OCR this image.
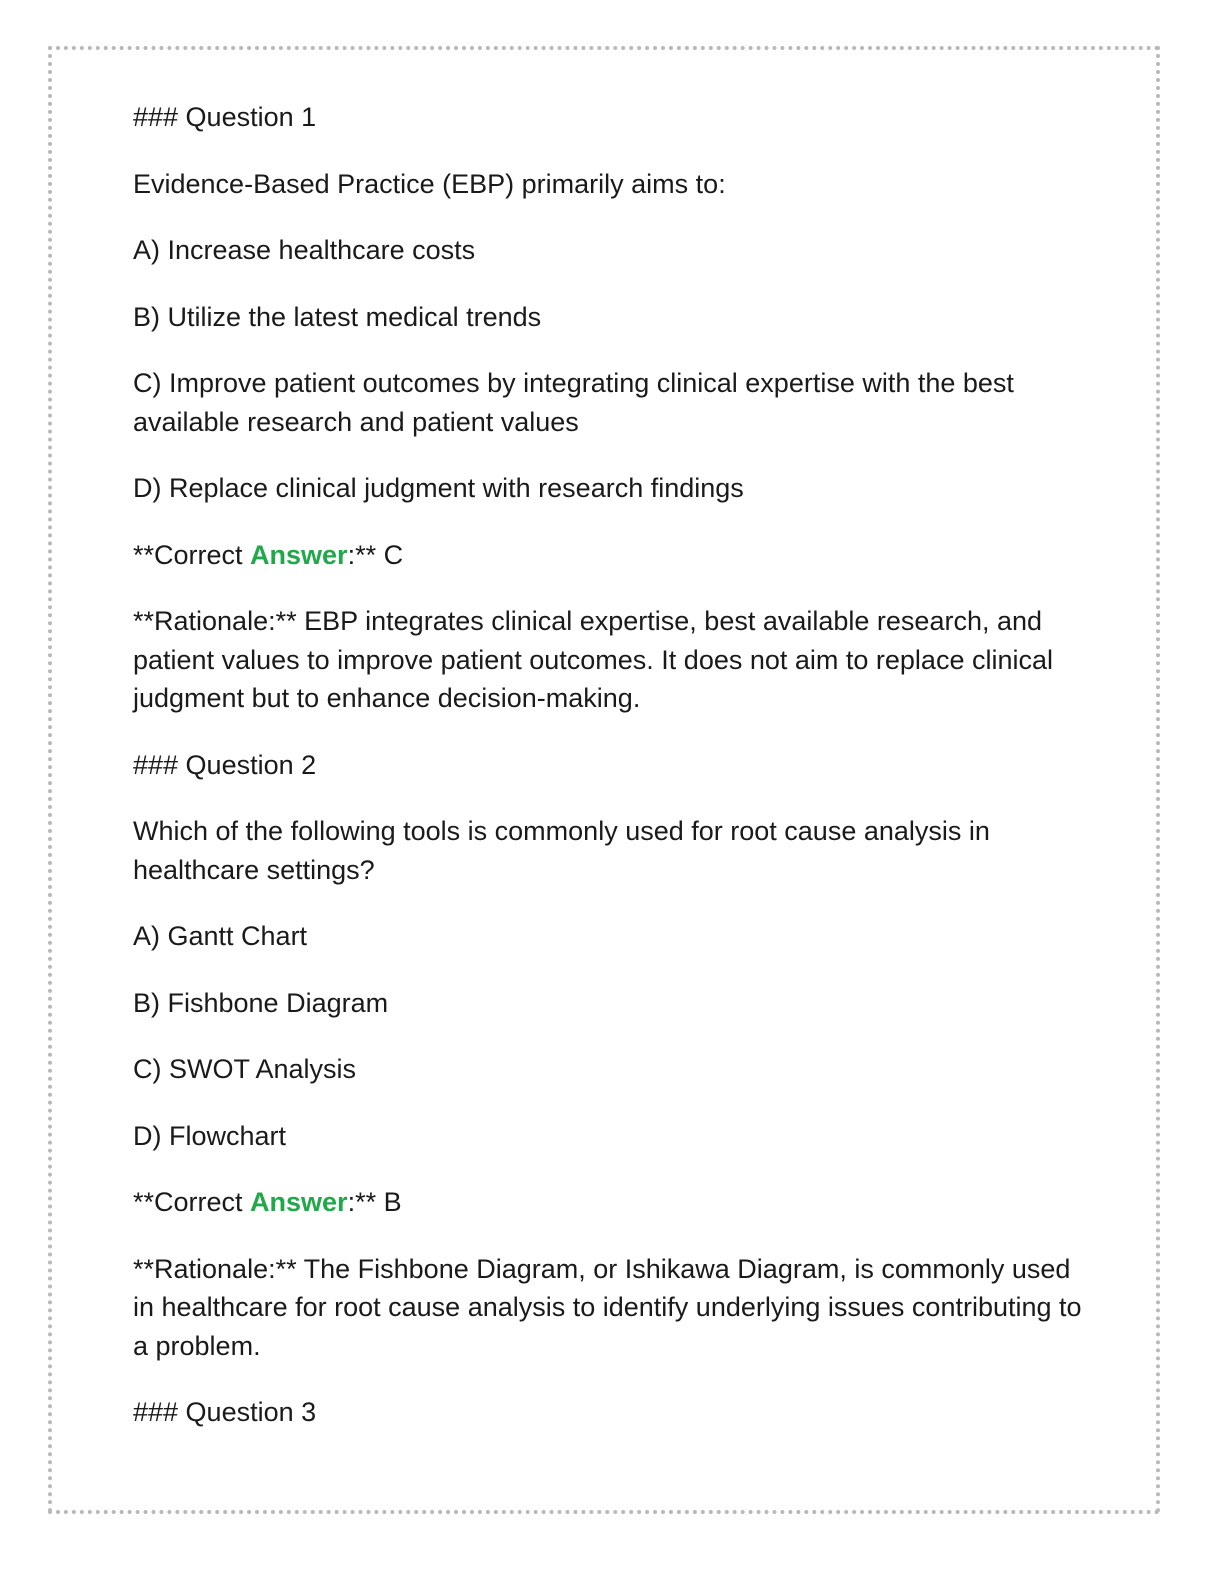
### Question 1

Evidence-Based Practice (EBP) primarily aims to:

A) Increase healthcare costs

B) Utilize the latest medical trends

C) Improve patient outcomes by integrating clinical expertise with the best available research and patient values

D) Replace clinical judgment with research findings

**Correct Answer:** C

**Rationale:** EBP integrates clinical expertise, best available research, and patient values to improve patient outcomes. It does not aim to replace clinical judgment but to enhance decision-making.

### Question 2

Which of the following tools is commonly used for root cause analysis in healthcare settings?

A) Gantt Chart

B) Fishbone Diagram

C) SWOT Analysis

D) Flowchart

**Correct Answer:** B

**Rationale:** The Fishbone Diagram, or Ishikawa Diagram, is commonly used in healthcare for root cause analysis to identify underlying issues contributing to a problem.

### Question 3
